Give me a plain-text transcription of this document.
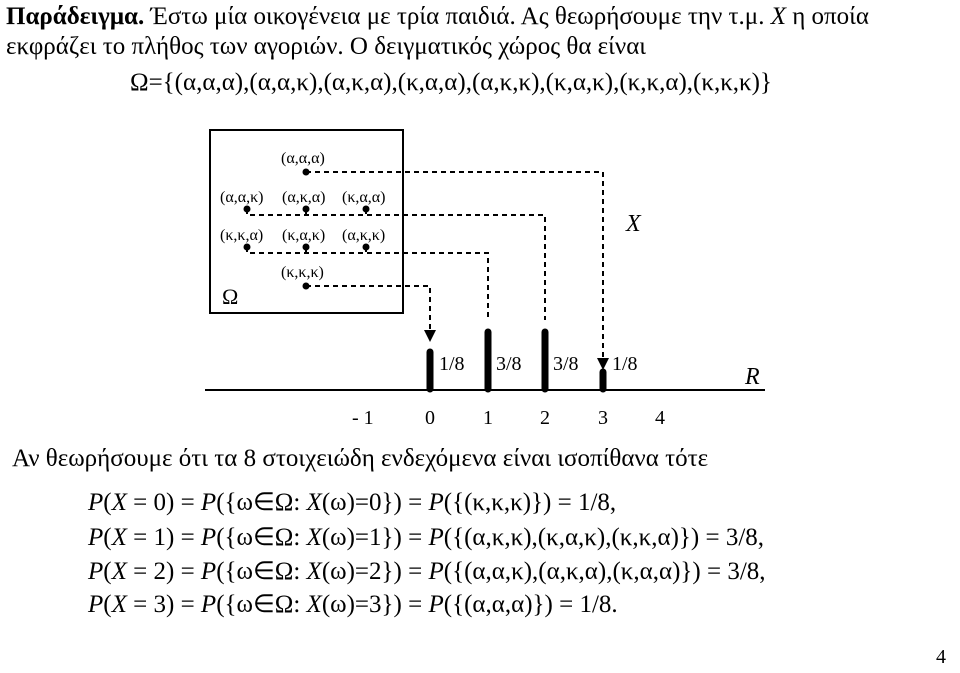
Παράδειγμα. Έστω μία οικογένεια με τρία παιδιά. Ας θεωρήσουμε την τ.μ. X η οποία
εκφράζει το πλήθος των αγοριών. Ο δειγματικός χώρος θα είναι
Ω={(α,α,α),(α,α,κ),(α,κ,α),(κ,α,α),(α,κ,κ),(κ,α,κ),(κ,κ,α),(κ,κ,κ)}
Ω
X
(α,α,α)
(α,α,κ) (α,κ,α) (κ,α,α)
(κ,κ,α) (κ,α,κ) (α,κ,κ)
(κ,κ,κ)
1/8 3/8 3/8 1/8	R
- 1	0 1 2 3 4
Αν θεωρήσουμε ότι τα 8 στοιχειώδη ενδεχόμενα είναι ισοπίθανα τότε
P(X = 0) = P({ω∈Ω: X(ω)=0}) = P({(κ,κ,κ)}) = 1/8,
P(X = 1) = P({ω∈Ω: X(ω)=1}) = P({(α,κ,κ),(κ,α,κ),(κ,κ,α)}) = 3/8,
P(X = 2) = P({ω∈Ω: X(ω)=2}) = P({(α,α,κ),(α,κ,α),(κ,α,α)}) = 3/8,
P(X = 3) = P({ω∈Ω: X(ω)=3}) = P({(α,α,α)}) = 1/8.
4
